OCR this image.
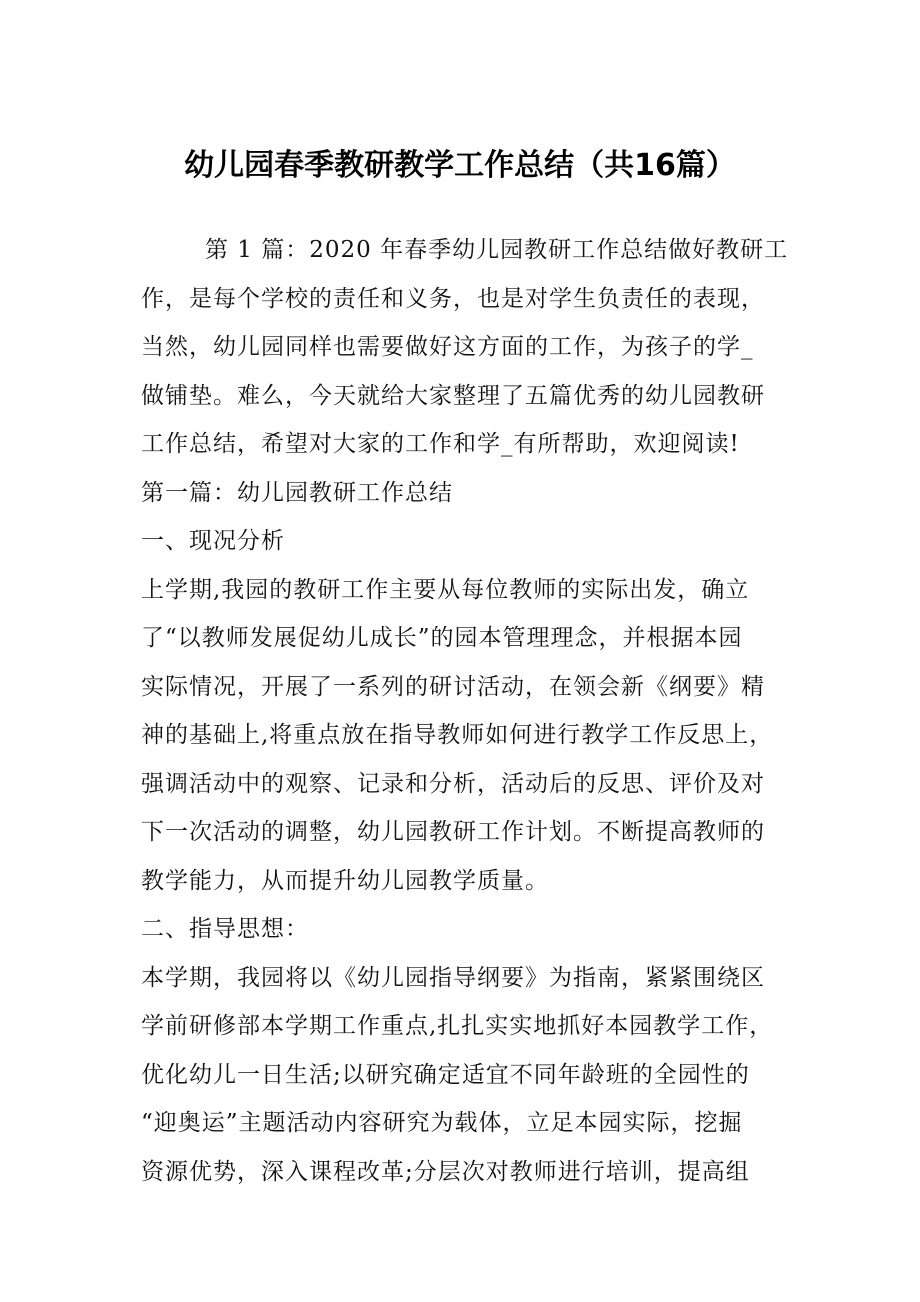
幼儿园春季教研教学工作总结（共16篇）
第 1 篇：2020 年春季幼儿园教研工作总结做好教研工
作，是每个学校的责任和义务，也是对学生负责任的表现，
当然，幼儿园同样也需要做好这方面的工作，为孩子的学_
做铺垫。难么，今天就给大家整理了五篇优秀的幼儿园教研
工作总结，希望对大家的工作和学_有所帮助，欢迎阅读!
第一篇：幼儿园教研工作总结
一、现况分析
上学期,我园的教研工作主要从每位教师的实际出发，确立
了“以教师发展促幼儿成长”的园本管理理念，并根据本园
实际情况，开展了一系列的研讨活动，在领会新《纲要》精
神的基础上,将重点放在指导教师如何进行教学工作反思上，
强调活动中的观察、记录和分析，活动后的反思、评价及对
下一次活动的调整，幼儿园教研工作计划。不断提高教师的
教学能力，从而提升幼儿园教学质量。
二、指导思想：
本学期，我园将以《幼儿园指导纲要》为指南，紧紧围绕区
学前研修部本学期工作重点,扎扎实实地抓好本园教学工作，
优化幼儿一日生活;以研究确定适宜不同年龄班的全园性的
“迎奥运”主题活动内容研究为载体，立足本园实际，挖掘
资源优势，深入课程改革;分层次对教师进行培训，提高组
